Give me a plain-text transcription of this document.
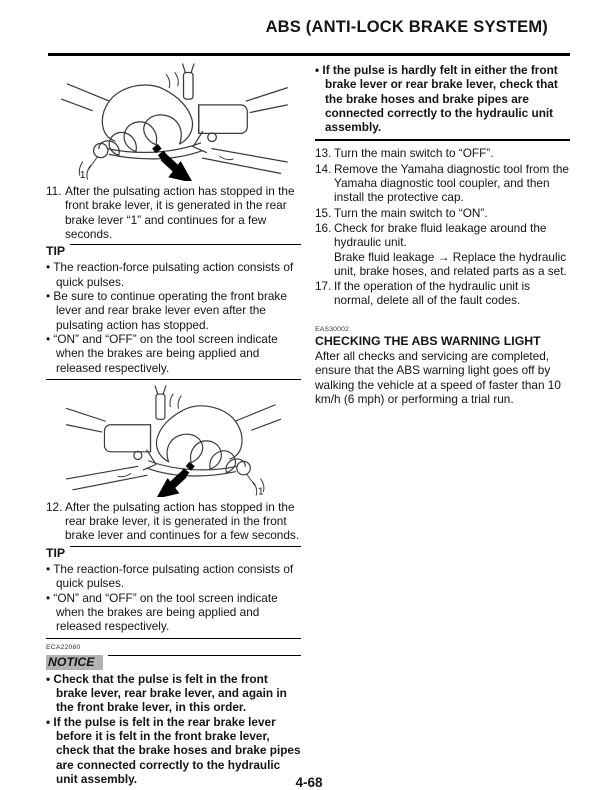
ABS (ANTI-LOCK BRAKE SYSTEM)
1
11. After the pulsating action has stopped in the front brake lever, it is generated in the rear brake lever “1” and continues for a few seconds.
TIP
• The reaction-force pulsating action consists of quick pulses.
• Be sure to continue operating the front brake lever and rear brake lever even after the pulsating action has stopped.
• “ON” and “OFF” on the tool screen indicate when the brakes are being applied and released respectively.
1
12. After the pulsating action has stopped in the rear brake lever, it is generated in the front brake lever and continues for a few seconds.
TIP
• The reaction-force pulsating action consists of quick pulses.
• “ON” and “OFF” on the tool screen indicate when the brakes are being applied and released respectively.
ECA22080
NOTICE
• Check that the pulse is felt in the front brake lever, rear brake lever, and again in the front brake lever, in this order.
• If the pulse is felt in the rear brake lever before it is felt in the front brake lever, check that the brake hoses and brake pipes are connected correctly to the hydraulic unit assembly.
• If the pulse is hardly felt in either the front brake lever or rear brake lever, check that the brake hoses and brake pipes are connected correctly to the hydraulic unit assembly.
13. Turn the main switch to “OFF”.
14. Remove the Yamaha diagnostic tool from the Yamaha diagnostic tool coupler, and then install the protective cap.
15. Turn the main switch to “ON”.
16. Check for brake fluid leakage around the hydraulic unit.
Brake fluid leakage → Replace the hydraulic unit, brake hoses, and related parts as a set.
17. If the operation of the hydraulic unit is normal, delete all of the fault codes.
EAS30002
CHECKING THE ABS WARNING LIGHT
After all checks and servicing are completed, ensure that the ABS warning light goes off by walking the vehicle at a speed of faster than 10 km/h (6 mph) or performing a trial run.
4-68
